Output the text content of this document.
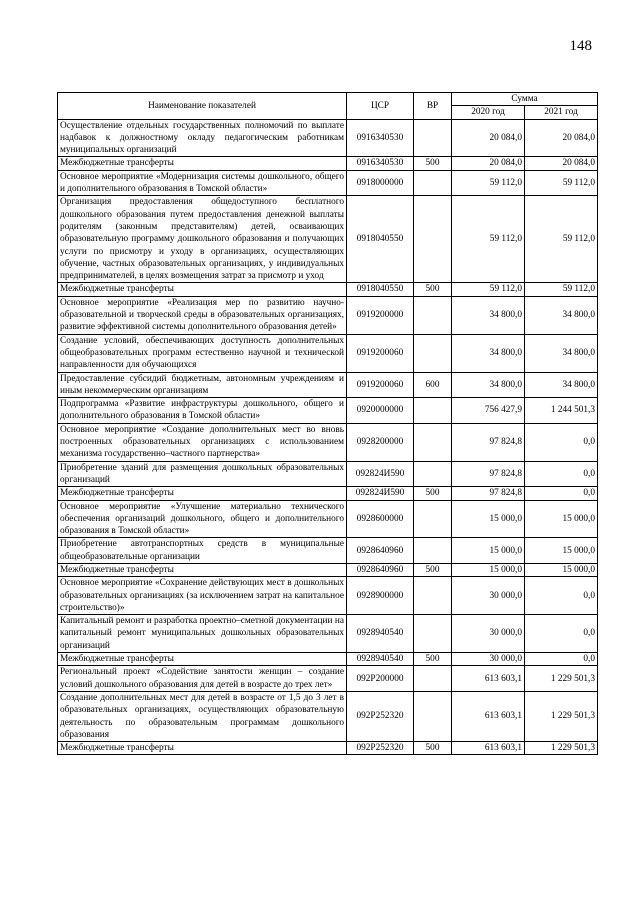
148
Наименование показателей	ЦСР	ВР	Сумма	
			2020 год	2021 год
Осуществление отдельных государственных полномочий по выплате надбавок к должностному окладу педагогическим работникам муниципальных организаций	0916340530		20 084,0	20 084,0
Межбюджетные трансферты	0916340530	500	20 084,0	20 084,0
Основное мероприятие «Модернизация системы дошкольного, общего и дополнительного образования в Томской области»	0918000000		59 112,0	59 112,0
Организация предоставления общедоступного бесплатного дошкольного образования путем предоставления денежной выплаты родителям (законным представителям) детей, осваивающих образовательную программу дошкольного образования и получающих услуги по присмотру и уходу в организациях, осуществляющих обучение, частных образовательных организациях, у индивидуальных предпринимателей, в целях возмещения затрат за присмотр и уход	0918040550		59 112,0	59 112,0
Межбюджетные трансферты	0918040550	500	59 112,0	59 112,0
Основное мероприятие «Реализация мер по развитию научно-образовательной и творческой среды в образовательных организациях, развитие эффективной системы дополнительного образования детей»	0919200000		34 800,0	34 800,0
Создание условий, обеспечивающих доступность дополнительных общеобразовательных программ естественно научной и технической направленности для обучающихся	0919200060		34 800,0	34 800,0
Предоставление субсидий бюджетным, автономным учреждениям и иным некоммерческим организациям	0919200060	600	34 800,0	34 800,0
Подпрограмма «Развитие инфраструктуры дошкольного, общего и дополнительного образования в Томской области»	0920000000		756 427,9	1 244 501,3
Основное мероприятие «Создание дополнительных мест во вновь построенных образовательных организациях с использованием механизма государственно–частного партнерства»	0928200000		97 824,8	0,0
Приобретение зданий для размещения дошкольных образовательных организаций	092824И590		97 824,8	0,0
Межбюджетные трансферты	092824И590	500	97 824,8	0,0
Основное мероприятие «Улучшение материально технического обеспечения организаций дошкольного, общего и дополнительного образования в Томской области»	0928600000		15 000,0	15 000,0
Приобретение автотранспортных средств в муниципальные общеобразовательные организации	0928640960		15 000,0	15 000,0
Межбюджетные трансферты	0928640960	500	15 000,0	15 000,0
Основное мероприятие «Сохранение действующих мест в дошкольных образовательных организациях (за исключением затрат на капитальное строительство)»	0928900000		30 000,0	0,0
Капитальный ремонт и разработка проектно–сметной документации на капитальный ремонт муниципальных дошкольных образовательных организаций	0928940540		30 000,0	0,0
Межбюджетные трансферты	0928940540	500	30 000,0	0,0
Региональный проект «Содействие занятости женщин – создание условий дошкольного образования для детей в возрасте до трех лет»	092P200000		613 603,1	1 229 501,3
Создание дополнительных мест для детей в возрасте от 1,5 до 3 лет в образовательных организациях, осуществляющих образовательную деятельность по образовательным программам дошкольного образования	092P252320		613 603,1	1 229 501,3
Межбюджетные трансферты	092P252320	500	613 603,1	1 229 501,3
